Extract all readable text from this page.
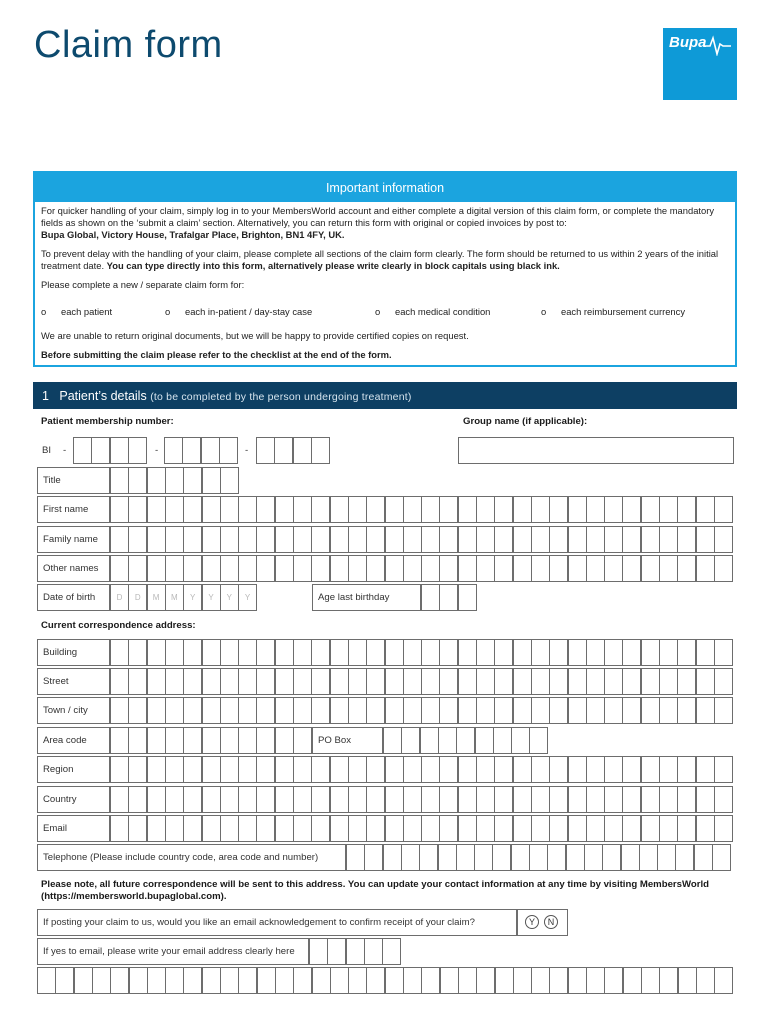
Claim form	Bupa
Important information

For quicker handling of your claim, simply log in to your MembersWorld account and either complete a digital version of this claim form, or complete the mandatory fields as shown on the ‘submit a claim’ section. Alternatively, you can return this form with original or copied invoices by post to:
Bupa Global, Victory House, Trafalgar Place, Brighton, BN1 4FY, UK.

To prevent delay with the handling of your claim, please complete all sections of the claim form clearly. The form should be returned to us within 2 years of the initial treatment date. You can type directly into this form, alternatively please write clearly in block capitals using black ink.

Please complete a new / separate claim form for:

o each patient	o each in-patient / day-stay case	o each medical condition	o each reimbursement currency

We are unable to return original documents, but we will be happy to provide certified copies on request.

Before submitting the claim please refer to the checklist at the end of the form.

1 Patient’s details (to be completed by the person undergoing treatment)
Patient membership number:	Group name (if applicable):
BI -	-	-
Title
First name
Family name
Other names
Date of birth	Age last birthday
Current correspondence address:
Building
Street
Town / city
Area code	PO Box
Region
Country
Email
Telephone (Please include country code, area code and number)
Please note, all future correspondence will be sent to this address. You can update your contact information at any time by visiting MembersWorld (https://membersworld.bupaglobal.com).
If posting your claim to us, would you like an email acknowledgement to confirm receipt of your claim?	Y	N
If yes to email, please write your email address clearly here
D	D	M	M	Y	Y	Y	Y
